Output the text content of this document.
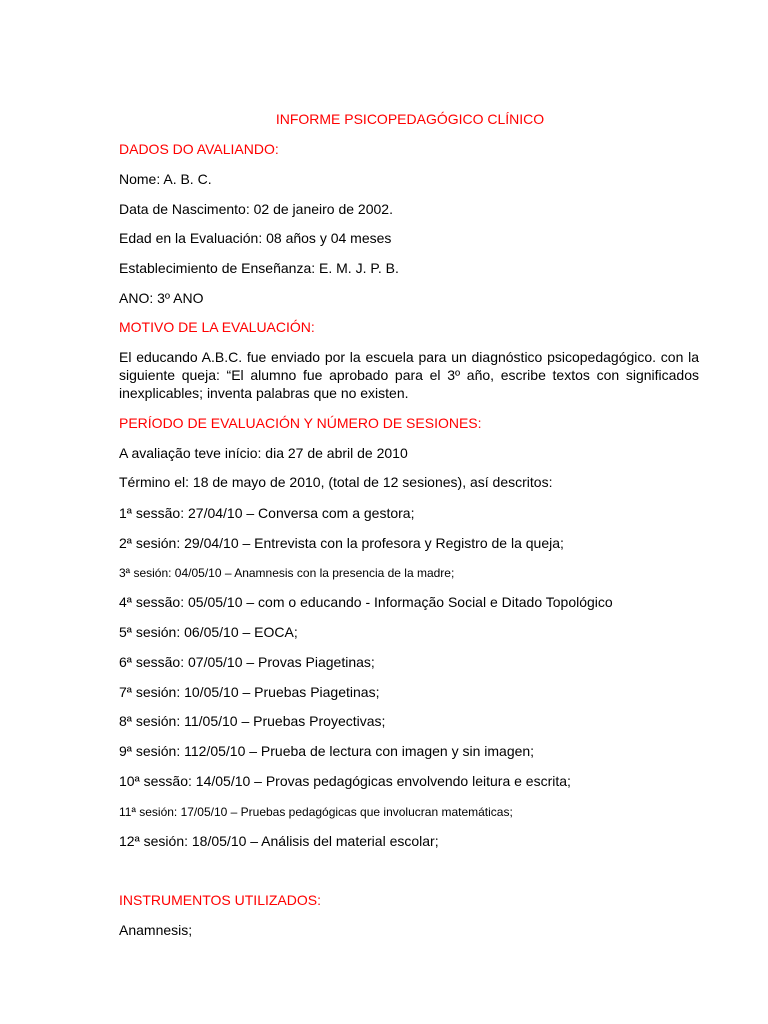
INFORME PSICOPEDAGÓGICO CLÍNICO
DADOS DO AVALIANDO:
Nome: A. B. C.
Data de Nascimento: 02 de janeiro de 2002.
Edad en la Evaluación: 08 años y 04 meses
Establecimiento de Enseñanza: E. M. J. P. B.
ANO: 3º ANO
MOTIVO DE LA EVALUACIÓN:
El educando A.B.C. fue enviado por la escuela para un diagnóstico psicopedagógico. con la siguiente queja: “El alumno fue aprobado para el 3º año, escribe textos con significados inexplicables; inventa palabras que no existen.
PERÍODO DE EVALUACIÓN Y NÚMERO DE SESIONES:
A avaliação teve início: dia 27 de abril de 2010
Término el: 18 de mayo de 2010, (total de 12 sesiones), así descritos:
1ª sessão: 27/04/10 – Conversa com a gestora;
2ª sesión: 29/04/10 – Entrevista con la profesora y Registro de la queja;
3ª sesión: 04/05/10 – Anamnesis con la presencia de la madre;
4ª sessão: 05/05/10 – com o educando - Informação Social e Ditado Topológico
5ª sesión: 06/05/10 – EOCA;
6ª sessão: 07/05/10 – Provas Piagetinas;
7ª sesión: 10/05/10 – Pruebas Piagetinas;
8ª sesión: 11/05/10 – Pruebas Proyectivas;
9ª sesión: 112/05/10 – Prueba de lectura con imagen y sin imagen;
10ª sessão: 14/05/10 – Provas pedagógicas envolvendo leitura e escrita;
11ª sesión: 17/05/10 – Pruebas pedagógicas que involucran matemáticas;
12ª sesión: 18/05/10 – Análisis del material escolar;
INSTRUMENTOS UTILIZADOS:
Anamnesis;
